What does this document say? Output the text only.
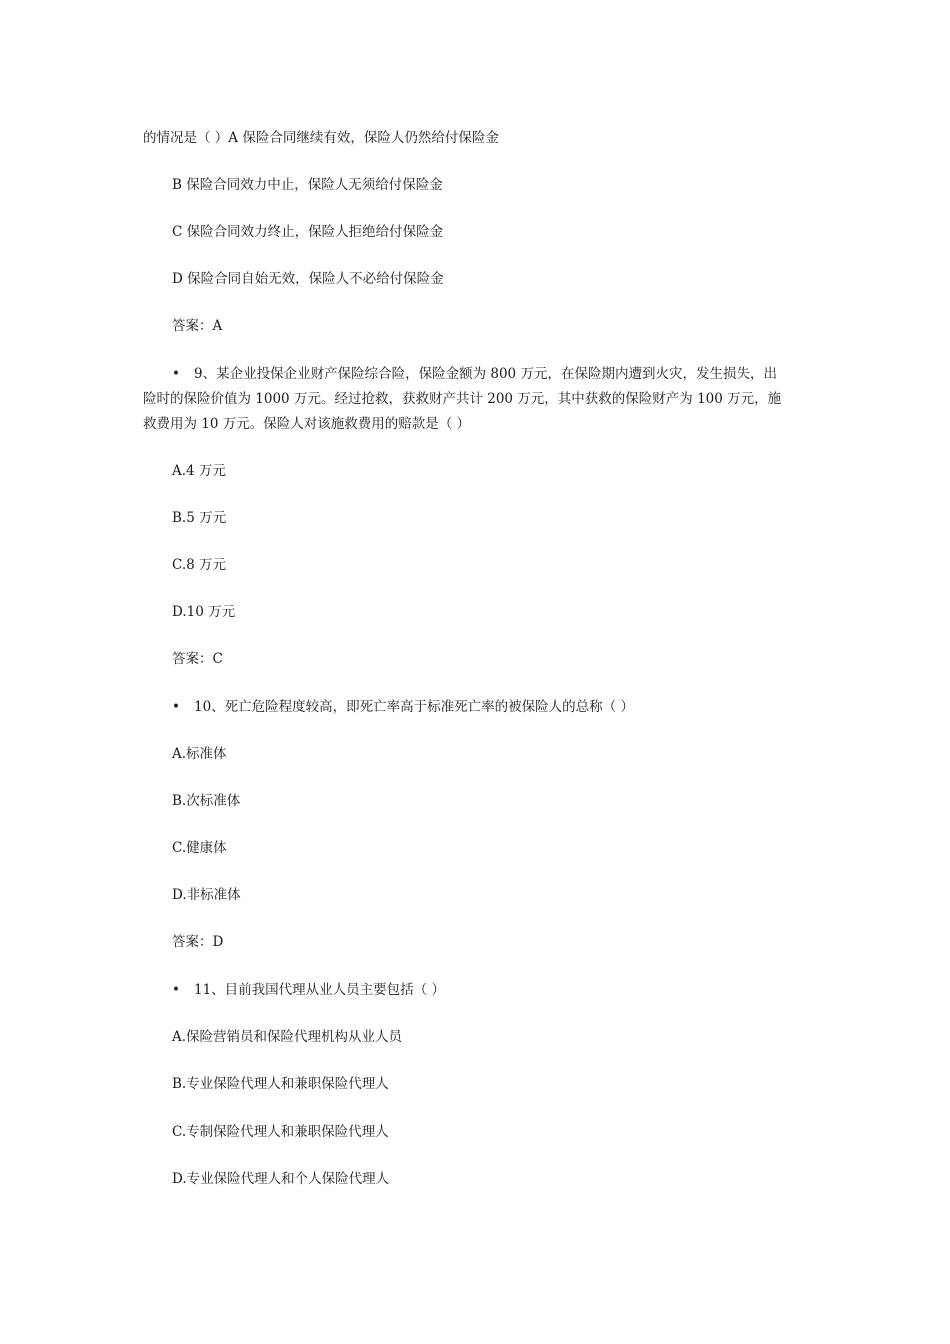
的情况是（ ）A 保险合同继续有效，保险人仍然给付保险金
B 保险合同效力中止，保险人无须给付保险金
C 保险合同效力终止，保险人拒绝给付保险金
D 保险合同自始无效，保险人不必给付保险金
答案：A
• 9、某企业投保企业财产保险综合险，保险金额为 800 万元，在保险期内遭到火灾，发生损失，出
险时的保险价值为 1000 万元。经过抢救，获救财产共计 200 万元，其中获救的保险财产为 100 万元，施
救费用为 10 万元。保险人对该施救费用的赔款是（ ）
A.4 万元
B.5 万元
C.8 万元
D.10 万元
答案：C
• 10、死亡危险程度较高，即死亡率高于标准死亡率的被保险人的总称（ ）
A.标准体
B.次标准体
C.健康体
D.非标准体
答案：D
• 11、目前我国代理从业人员主要包括（ ）
A.保险营销员和保险代理机构从业人员
B.专业保险代理人和兼职保险代理人
C.专制保险代理人和兼职保险代理人
D.专业保险代理人和个人保险代理人
